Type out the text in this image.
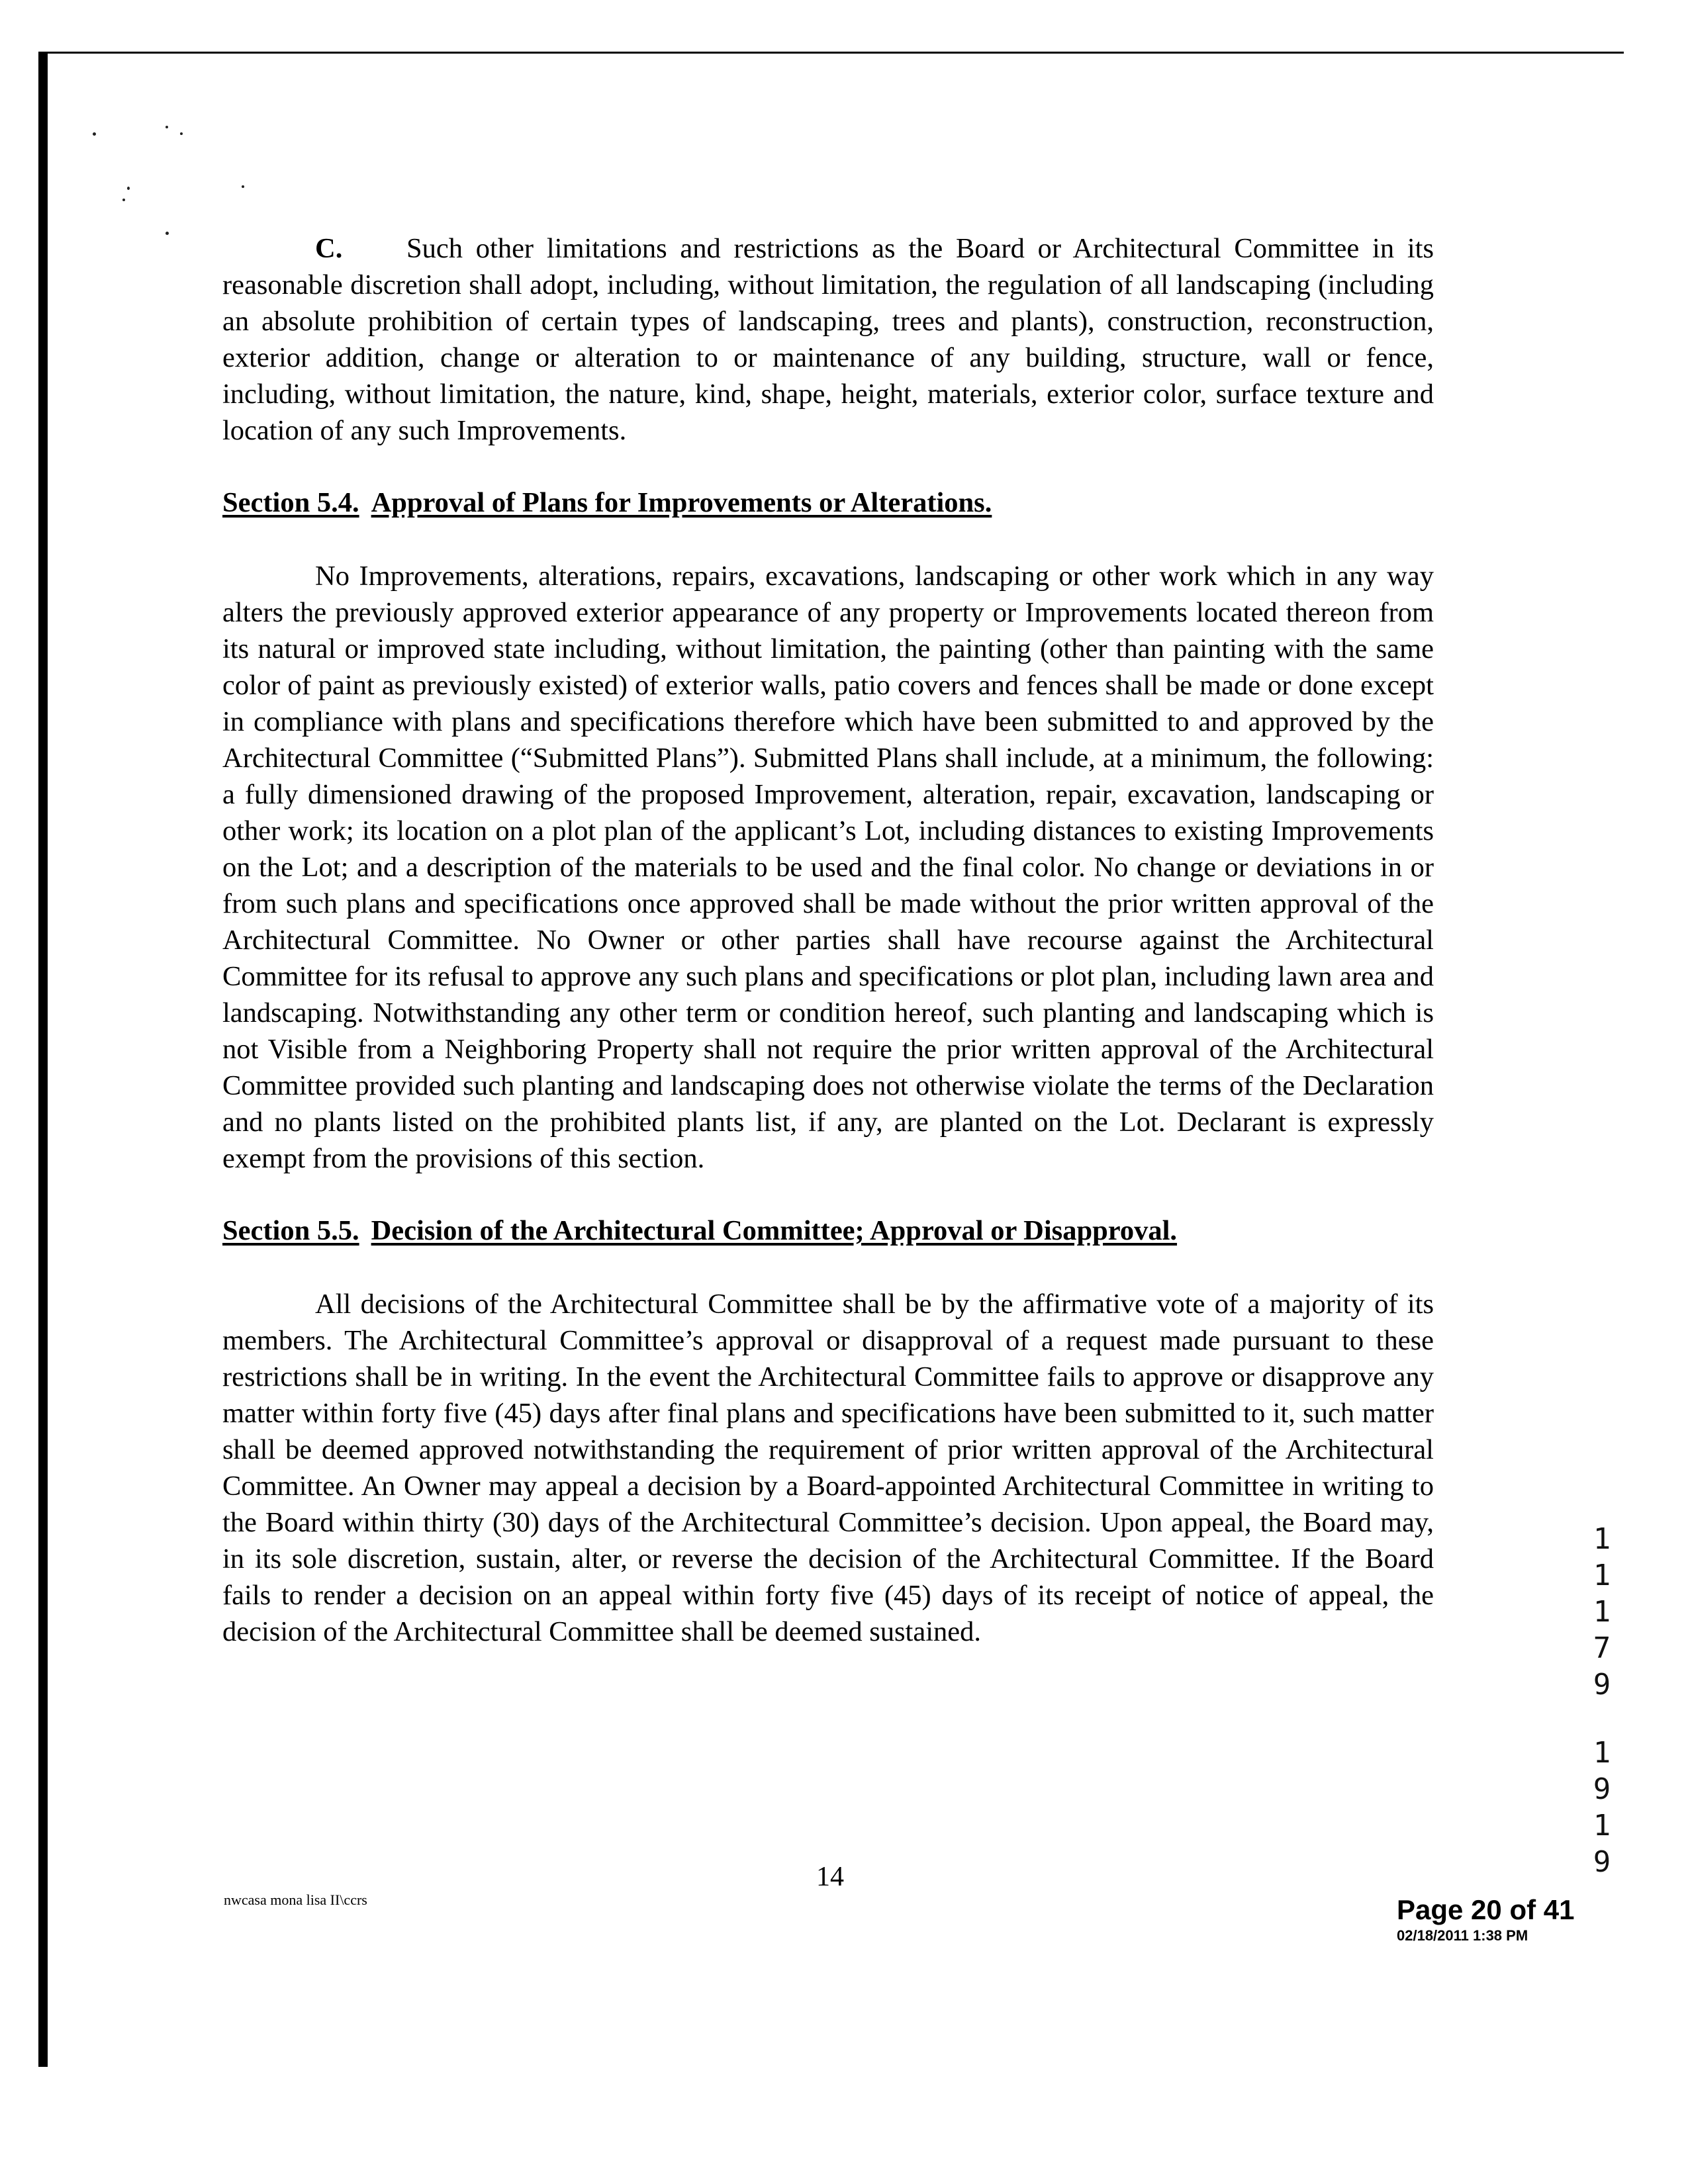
C. Such other limitations and restrictions as the Board or Architectural Committee in its reasonable discretion shall adopt, including, without limitation, the regulation of all landscaping (including an absolute prohibition of certain types of landscaping, trees and plants), construction, reconstruction, exterior addition, change or alteration to or maintenance of any building, structure, wall or fence, including, without limitation, the nature, kind, shape, height, materials, exterior color, surface texture and location of any such Improvements.

Section 5.4. Approval of Plans for Improvements or Alterations.

No Improvements, alterations, repairs, excavations, landscaping or other work which in any way alters the previously approved exterior appearance of any property or Improvements located thereon from its natural or improved state including, without limitation, the painting (other than painting with the same color of paint as previously existed) of exterior walls, patio covers and fences shall be made or done except in compliance with plans and specifications therefore which have been submitted to and approved by the Architectural Committee (“Submitted Plans”). Submitted Plans shall include, at a minimum, the following: a fully dimensioned drawing of the proposed Improvement, alteration, repair, excavation, landscaping or other work; its location on a plot plan of the applicant’s Lot, including distances to existing Improvements on the Lot; and a description of the materials to be used and the final color. No change or deviations in or from such plans and specifications once approved shall be made without the prior written approval of the Architectural Committee. No Owner or other parties shall have recourse against the Architectural Committee for its refusal to approve any such plans and specifications or plot plan, including lawn area and landscaping. Notwithstanding any other term or condition hereof, such planting and landscaping which is not Visible from a Neighboring Property shall not require the prior written approval of the Architectural Committee provided such planting and landscaping does not otherwise violate the terms of the Declaration and no plants listed on the prohibited plants list, if any, are planted on the Lot. Declarant is expressly exempt from the provisions of this section.

Section 5.5. Decision of the Architectural Committee; Approval or Disapproval.

All decisions of the Architectural Committee shall be by the affirmative vote of a majority of its members. The Architectural Committee’s approval or disapproval of a request made pursuant to these restrictions shall be in writing. In the event the Architectural Committee fails to approve or disapprove any matter within forty five (45) days after final plans and specifications have been submitted to it, such matter shall be deemed approved notwithstanding the requirement of prior written approval of the Architectural Committee. An Owner may appeal a decision by a Board-appointed Architectural Committee in writing to the Board within thirty (30) days of the Architectural Committee’s decision. Upon appeal, the Board may, in its sole discretion, sustain, alter, or reverse the decision of the Architectural Committee. If the Board fails to render a decision on an appeal within forty five (45) days of its receipt of notice of appeal, the decision of the Architectural Committee shall be deemed sustained.

1
1
1
7
9
1
9
1
9
nwcasa mona lisa II\ccrs
14
Page 20 of 41
02/18/2011 1:38 PM
